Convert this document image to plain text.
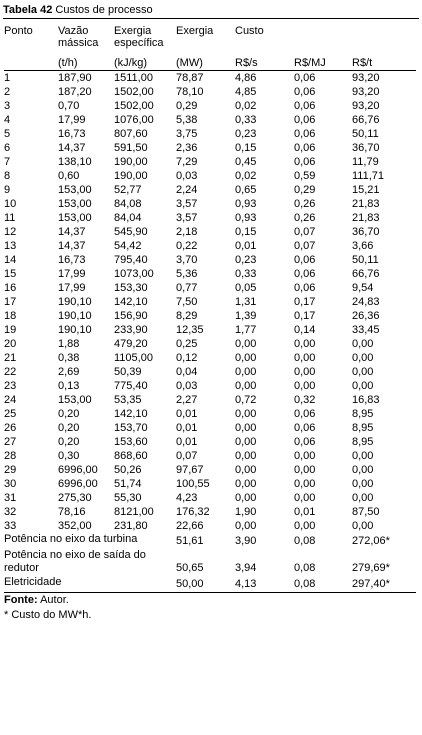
Tabela 42 Custos de processo
Ponto	Vazão mássica	Exergia específica	Exergia	Custo		
	(t/h)	(kJ/kg)	(MW)	R$/s	R$/MJ	R$/t
1	187,90	1511,00	78,87	4,86	0,06	93,20
2	187,20	1502,00	78,10	4,85	0,06	93,20
3	0,70	1502,00	0,29	0,02	0,06	93,20
4	17,99	1076,00	5,38	0,33	0,06	66,76
5	16,73	807,60	3,75	0,23	0,06	50,11
6	14,37	591,50	2,36	0,15	0,06	36,70
7	138,10	190,00	7,29	0,45	0,06	11,79
8	0,60	190,00	0,03	0,02	0,59	111,71
9	153,00	52,77	2,24	0,65	0,29	15,21
10	153,00	84,08	3,57	0,93	0,26	21,83
11	153,00	84,04	3,57	0,93	0,26	21,83
12	14,37	545,90	2,18	0,15	0,07	36,70
13	14,37	54,42	0,22	0,01	0,07	3,66
14	16,73	795,40	3,70	0,23	0,06	50,11
15	17,99	1073,00	5,36	0,33	0,06	66,76
16	17,99	153,30	0,77	0,05	0,06	9,54
17	190,10	142,10	7,50	1,31	0,17	24,83
18	190,10	156,90	8,29	1,39	0,17	26,36
19	190,10	233,90	12,35	1,77	0,14	33,45
20	1,88	479,20	0,25	0,00	0,00	0,00
21	0,38	1105,00	0,12	0,00	0,00	0,00
22	2,69	50,39	0,04	0,00	0,00	0,00
23	0,13	775,40	0,03	0,00	0,00	0,00
24	153,00	53,35	2,27	0,72	0,32	16,83
25	0,20	142,10	0,01	0,00	0,06	8,95
26	0,20	153,70	0,01	0,00	0,06	8,95
27	0,20	153,60	0,01	0,00	0,06	8,95
28	0,30	868,60	0,07	0,00	0,00	0,00
29	6996,00	50,26	97,67	0,00	0,00	0,00
30	6996,00	51,74	100,55	0,00	0,00	0,00
31	275,30	55,30	4,23	0,00	0,00	0,00
32	78,16	8121,00	176,32	1,90	0,01	87,50
33	352,00	231,80	22,66	0,00	0,00	0,00
Potência no eixo da turbina			51,61	3,90	0,08	272,06*
Potência no eixo de saída do redutor			50,65	3,94	0,08	279,69*
Eletricidade			50,00	4,13	0,08	297,40*
Fonte: Autor.
* Custo do MW*h.
